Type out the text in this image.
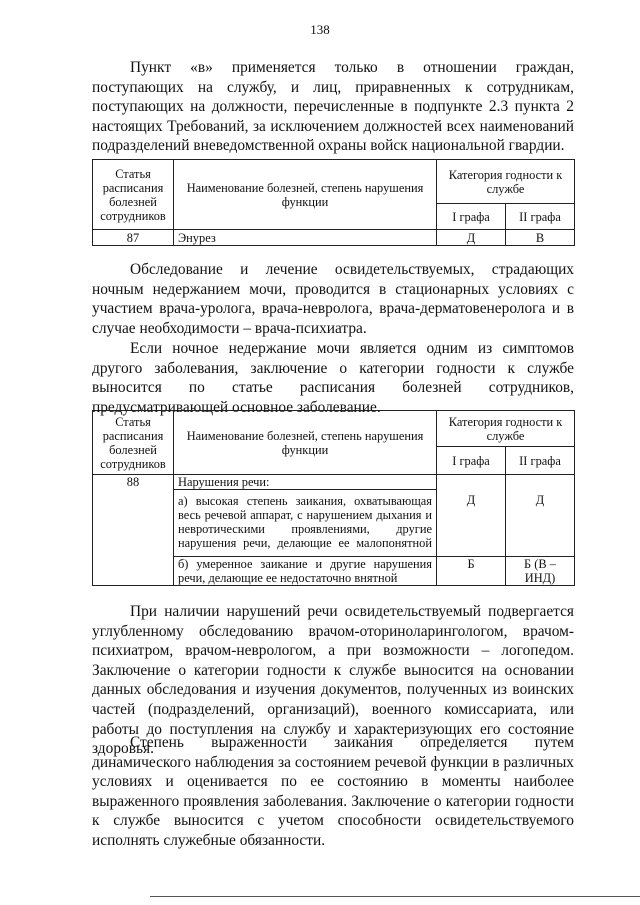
138
Пункт «в» применяется только в отношении граждан, поступающих на службу, и лиц, приравненных к сотрудникам, поступающих на должности, перечисленные в подпункте 2.3 пункта 2 настоящих Требований, за исключением должностей всех наименований подразделений вневедомственной охраны войск национальной гвардии.
Статья расписания болезней сотрудников	Наименование болезней, степень нарушения функции	Категория годности к службе	
		I графа	II графа
87	Энурез	Д	В
Обследование и лечение освидетельствуемых, страдающих ночным недержанием мочи, проводится в стационарных условиях с участием врача-уролога, врача-невролога, врача-дерматовенеролога и в случае необходимости – врача-психиатра.
Если ночное недержание мочи является одним из симптомов другого заболевания, заключение о категории годности к службе выносится по статье расписания болезней сотрудников, предусматривающей основное заболевание.
Статья расписания болезней сотрудников	Наименование болезней, степень нарушения функции	Категория годности к службе	
		I графа	II графа
88	Нарушения речи:	Д	Д
	а) высокая степень заикания, охватывающая весь речевой аппарат, с нарушением дыхания и невротическими проявлениями, другие нарушения речи, делающие ее малопонятной		
	б) умеренное заикание и другие нарушения речи, делающие ее недостаточно внятной	Б	Б (В – ИНД)
При наличии нарушений речи освидетельствуемый подвергается углубленному обследованию врачом-оториноларингологом, врачом-психиатром, врачом-неврологом, а при возможности – логопедом. Заключение о категории годности к службе выносится на основании данных обследования и изучения документов, полученных из воинских частей (подразделений, организаций), военного комиссариата, или работы до поступления на службу и характеризующих его состояние здоровья.
Степень выраженности заикания определяется путем динамического наблюдения за состоянием речевой функции в различных условиях и оценивается по ее состоянию в моменты наиболее выраженного проявления заболевания. Заключение о категории годности к службе выносится с учетом способности освидетельствуемого исполнять служебные обязанности.
